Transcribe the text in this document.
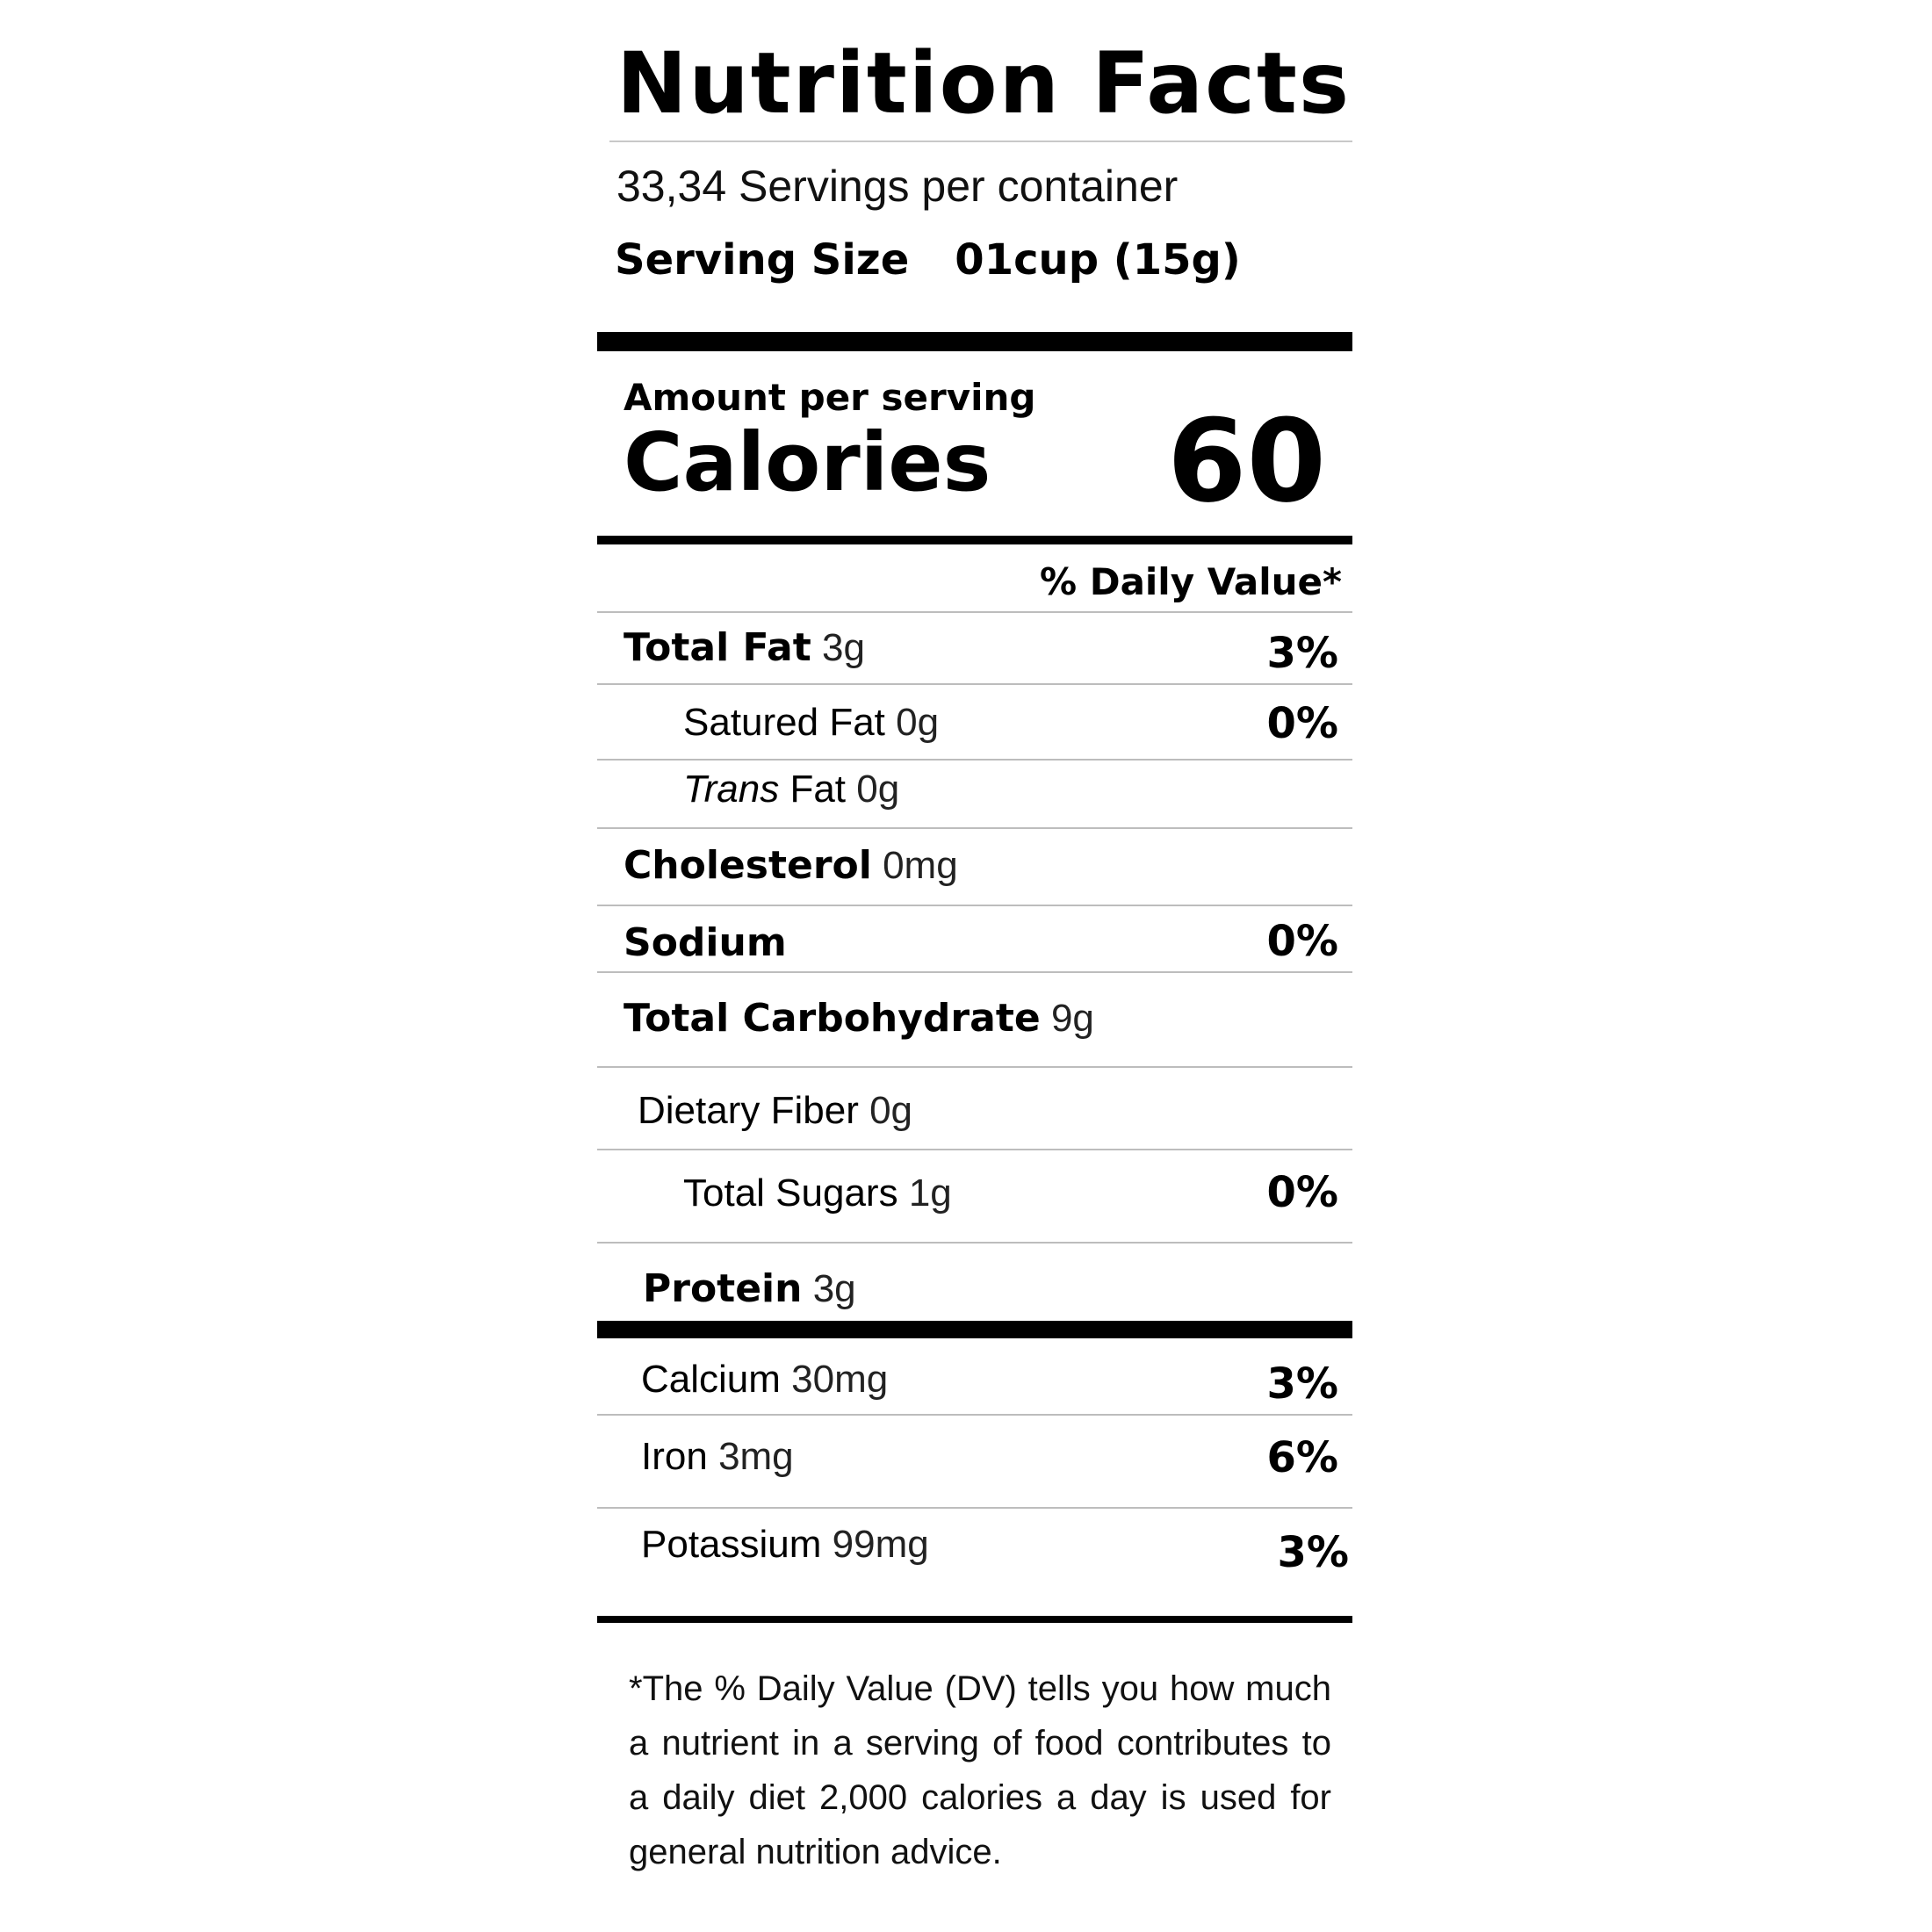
Nutrition Facts
33,34 Servings per container
Serving Size 01cup (15g)
Amount per serving
Calories 60
% Daily Value*
Total Fat 3g	3%
Satured Fat 0g	0%
Trans Fat 0g
Cholesterol 0mg
Sodium	0%
Total Carbohydrate 9g
Dietary Fiber 0g
Total Sugars 1g	0%
Protein 3g
Calcium 30mg	3%
Iron 3mg	6%
Potassium 99mg	3%
*The % Daily Value (DV) tells you how much a nutrient in a serving of food contributes to a daily diet 2,000 calories a day is used for general nutrition advice.
